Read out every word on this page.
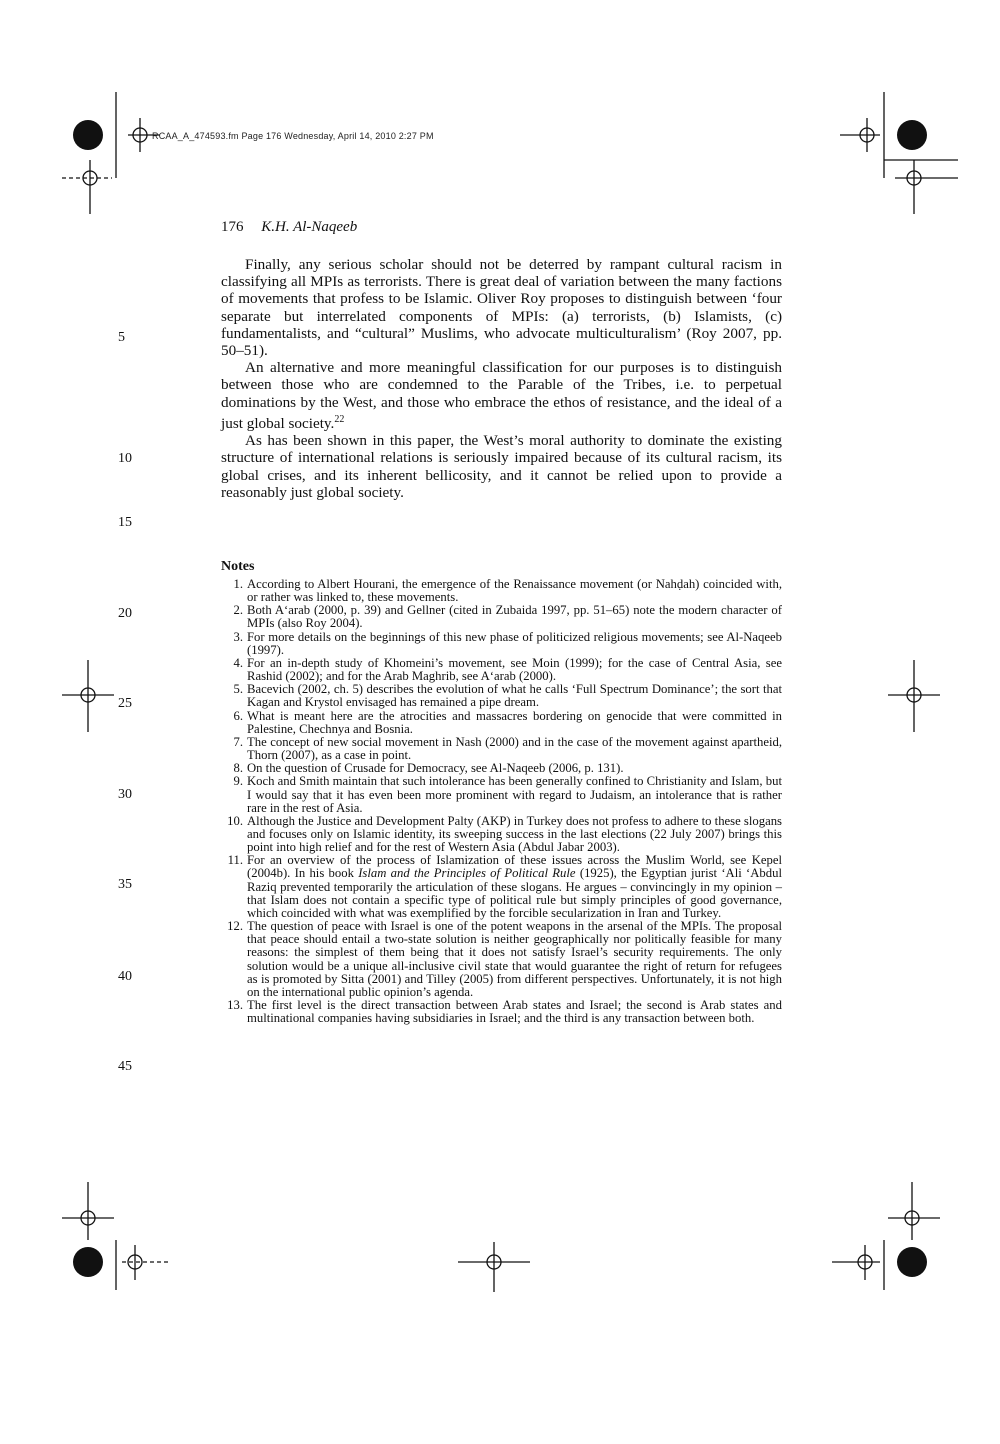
RCAA_A_474593.fm Page 176 Wednesday, April 14, 2010 2:27 PM
176 K.H. Al-Naqeeb

Finally, any serious scholar should not be deterred by rampant cultural racism in classifying all MPIs as terrorists. There is great deal of variation between the many factions of movements that profess to be Islamic. Oliver Roy proposes to distinguish between ‘four separate but interrelated components of MPIs: (a) terrorists, (b) Islamists, (c) fundamentalists, and “cultural” Muslims, who advocate multiculturalism’ (Roy 2007, pp. 50–51).

An alternative and more meaningful classification for our purposes is to distinguish between those who are condemned to the Parable of the Tribes, i.e. to perpetual dominations by the West, and those who embrace the ethos of resistance, and the ideal of a just global society.$^{22}$

As has been shown in this paper, the West’s moral authority to dominate the existing structure of international relations is seriously impaired because of its cultural racism, its global crises, and its inherent bellicosity, and it cannot be relied upon to provide a reasonably just global society.

Notes
1. According to Albert Hourani, the emergence of the Renaissance movement (or Nahḍah) coincided with, or rather was linked to, these movements.
2. Both A‘arab (2000, p. 39) and Gellner (cited in Zubaida 1997, pp. 51–65) note the modern character of MPIs (also Roy 2004).
3. For more details on the beginnings of this new phase of politicized religious movements; see Al-Naqeeb (1997).
4. For an in-depth study of Khomeini’s movement, see Moin (1999); for the case of Central Asia, see Rashid (2002); and for the Arab Maghrib, see A‘arab (2000).
5. Bacevich (2002, ch. 5) describes the evolution of what he calls ‘Full Spectrum Dominance’; the sort that Kagan and Krystol envisaged has remained a pipe dream.
6. What is meant here are the atrocities and massacres bordering on genocide that were committed in Palestine, Chechnya and Bosnia.
7. The concept of new social movement in Nash (2000) and in the case of the movement against apartheid, Thorn (2007), as a case in point.
8. On the question of Crusade for Democracy, see Al-Naqeeb (2006, p. 131).
9. Koch and Smith maintain that such intolerance has been generally confined to Christianity and Islam, but I would say that it has even been more prominent with regard to Judaism, an intolerance that is rather rare in the rest of Asia.
10. Although the Justice and Development Palty (AKP) in Turkey does not profess to adhere to these slogans and focuses only on Islamic identity, its sweeping success in the last elections (22 July 2007) brings this point into high relief and for the rest of Western Asia (Abdul Jabar 2003).
11. For an overview of the process of Islamization of these issues across the Muslim World, see Kepel (2004b). In his book Islam and the Principles of Political Rule (1925), the Egyptian jurist ‘Ali ‘Abdul Raziq prevented temporarily the articulation of these slogans. He argues – convincingly in my opinion – that Islam does not contain a specific type of political rule but simply principles of good governance, which coincided with what was exemplified by the forcible secularization in Iran and Turkey.
12. The question of peace with Israel is one of the potent weapons in the arsenal of the MPIs. The proposal that peace should entail a two-state solution is neither geographically nor politically feasible for many reasons: the simplest of them being that it does not satisfy Israel’s security requirements. The only solution would be a unique all-inclusive civil state that would guarantee the right of return for refugees as is promoted by Sitta (2001) and Tilley (2005) from different perspectives. Unfortunately, it is not high on the international public opinion’s agenda.
13. The first level is the direct transaction between Arab states and Israel; the second is Arab states and multinational companies having subsidiaries in Israel; and the third is any transaction between both.
5
10
15
20
25
30
35
40
45
